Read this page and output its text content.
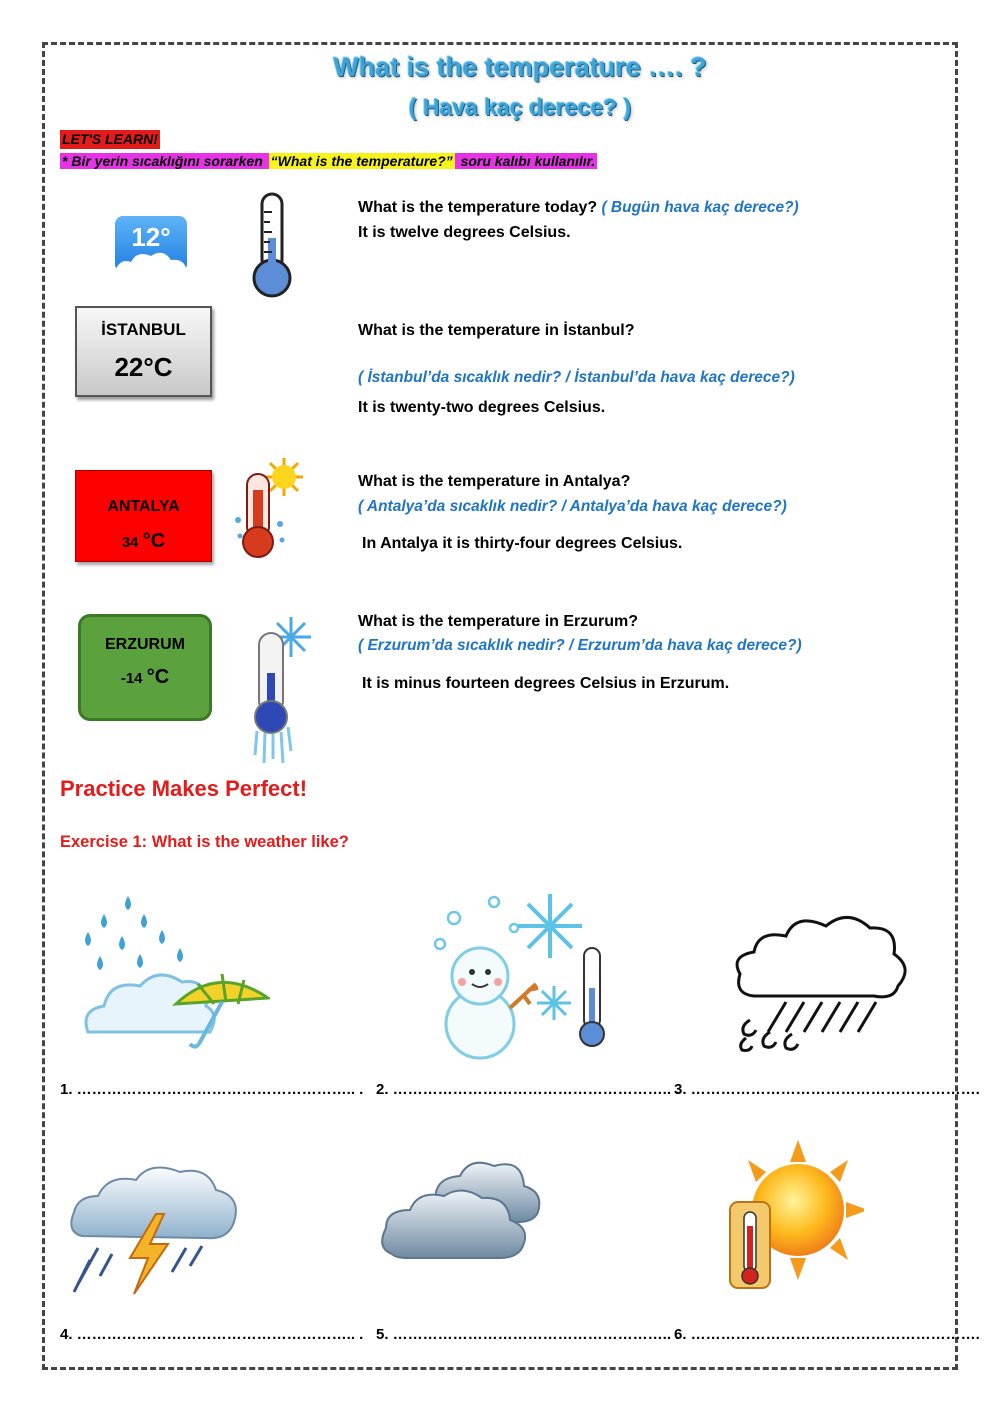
What is the temperature …. ?
( Hava kaç derece? )
LET'S LEARN!
* Bir yerin sıcaklığını sorarken “What is the temperature?” soru kalıbı kullanılır.
12°
What is the temperature today? ( Bugün hava kaç derece?)
It is twelve degrees Celsius.
İSTANBUL
22°C
What is the temperature in İstanbul?
( İstanbul’da sıcaklık nedir? / İstanbul’da hava kaç derece?)
It is twenty-two degrees Celsius.
ANTALYA
34 °C
What is the temperature in Antalya?
( Antalya’da sıcaklık nedir? / Antalya’da hava kaç derece?)
In Antalya it is thirty-four degrees Celsius.
ERZURUM
-14 °C
What is the temperature in Erzurum?
( Erzurum’da sıcaklık nedir? / Erzurum’da hava kaç derece?)
It is minus fourteen degrees Celsius in Erzurum.
Practice Makes Perfect!
Exercise 1: What is the weather like?
1. ……………………………………………….. . 2. ……………………………………………….. .
3. ………………………………………………….
4. ……………………………………………….. . 5. ……………………………………………….. .
6. ………………………………………………….
